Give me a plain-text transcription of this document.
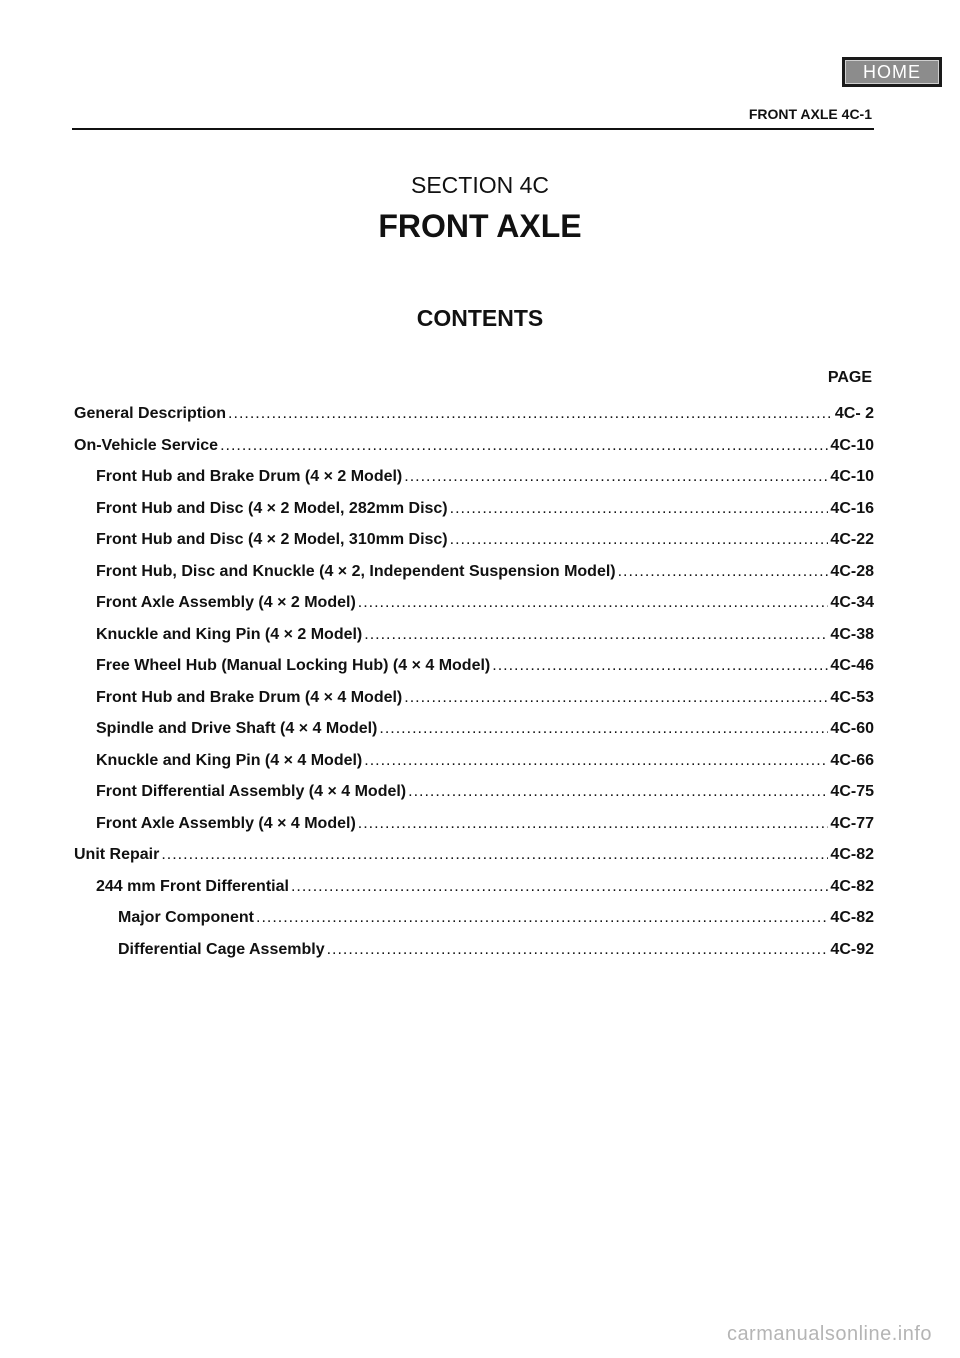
HOME
FRONT AXLE 4C-1
SECTION 4C
FRONT AXLE
CONTENTS
PAGE
General Description .....	4C- 2
On-Vehicle Service .....	4C-10
Front Hub and Brake Drum (4 × 2 Model) .....	4C-10
Front Hub and Disc (4 × 2 Model, 282mm Disc) .....	4C-16
Front Hub and Disc (4 × 2 Model, 310mm Disc) .....	4C-22
Front Hub, Disc and Knuckle (4 × 2, Independent Suspension Model) .....	4C-28
Front Axle Assembly (4 × 2 Model) .....	4C-34
Knuckle and King Pin (4 × 2 Model) .....	4C-38
Free Wheel Hub (Manual Locking Hub) (4 × 4 Model) .....	4C-46
Front Hub and Brake Drum (4 × 4 Model) .....	4C-53
Spindle and Drive Shaft (4 × 4 Model) .....	4C-60
Knuckle and King Pin (4 × 4 Model) .....	4C-66
Front Differential Assembly (4 × 4 Model) .....	4C-75
Front Axle Assembly (4 × 4 Model) .....	4C-77
Unit Repair .....	4C-82
244 mm Front Differential .....	4C-82
Major Component .....	4C-82
Differential Cage Assembly .....	4C-92
carmanualsonline.info
